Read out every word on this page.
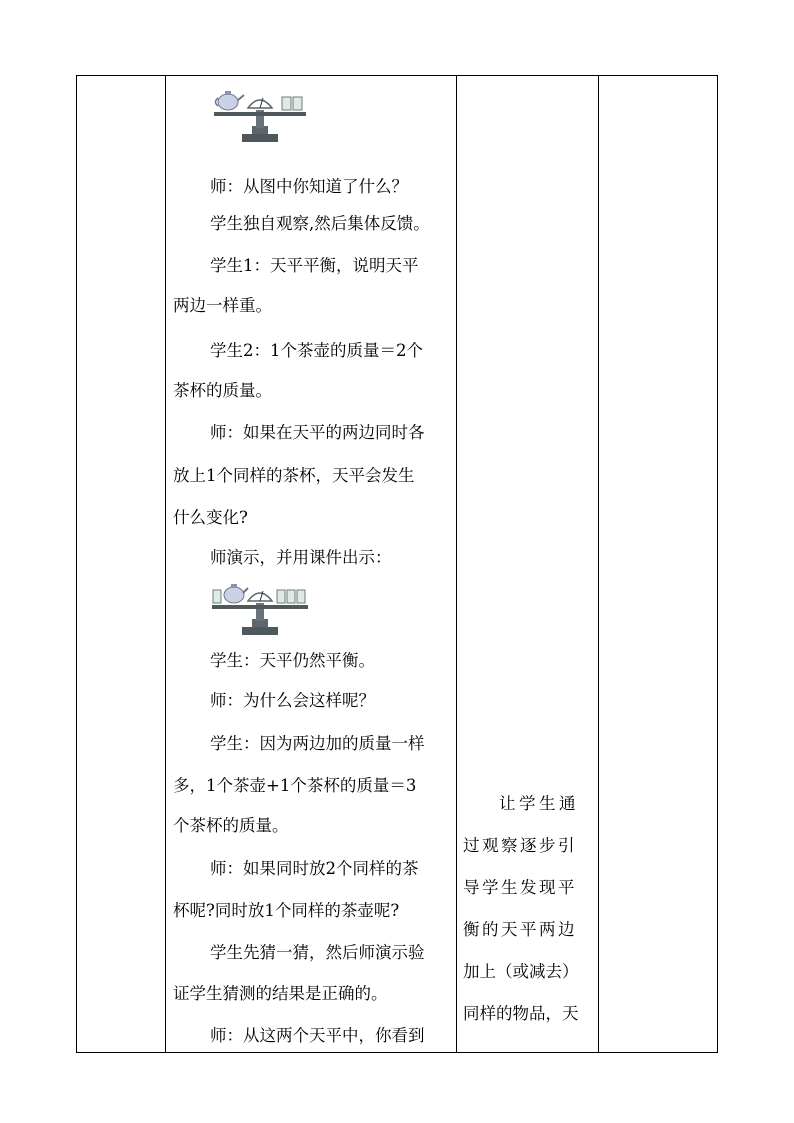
师：从图中你知道了什么？

学生独自观察,然后集体反馈。

学生1：天平平衡，说明天平

两边一样重。

学生2：1个茶壶的质量＝2个

茶杯的质量。

师：如果在天平的两边同时各

放上1个同样的茶杯，天平会发生

什么变化?

师演示，并用课件出示：

学生：天平仍然平衡。

师：为什么会这样呢？

学生：因为两边加的质量一样

多，1个茶壶+1个茶杯的质量＝3

个茶杯的质量。

师：如果同时放2个同样的茶

杯呢?同时放1个同样的茶壶呢?

学生先猜一猜，然后师演示验

证学生猜测的结果是正确的。

师：从这两个天平中，你看到

让学生通
过观察逐步引
导学生发现平
衡的天平两边
加上（或减去）
同样的物品，天
